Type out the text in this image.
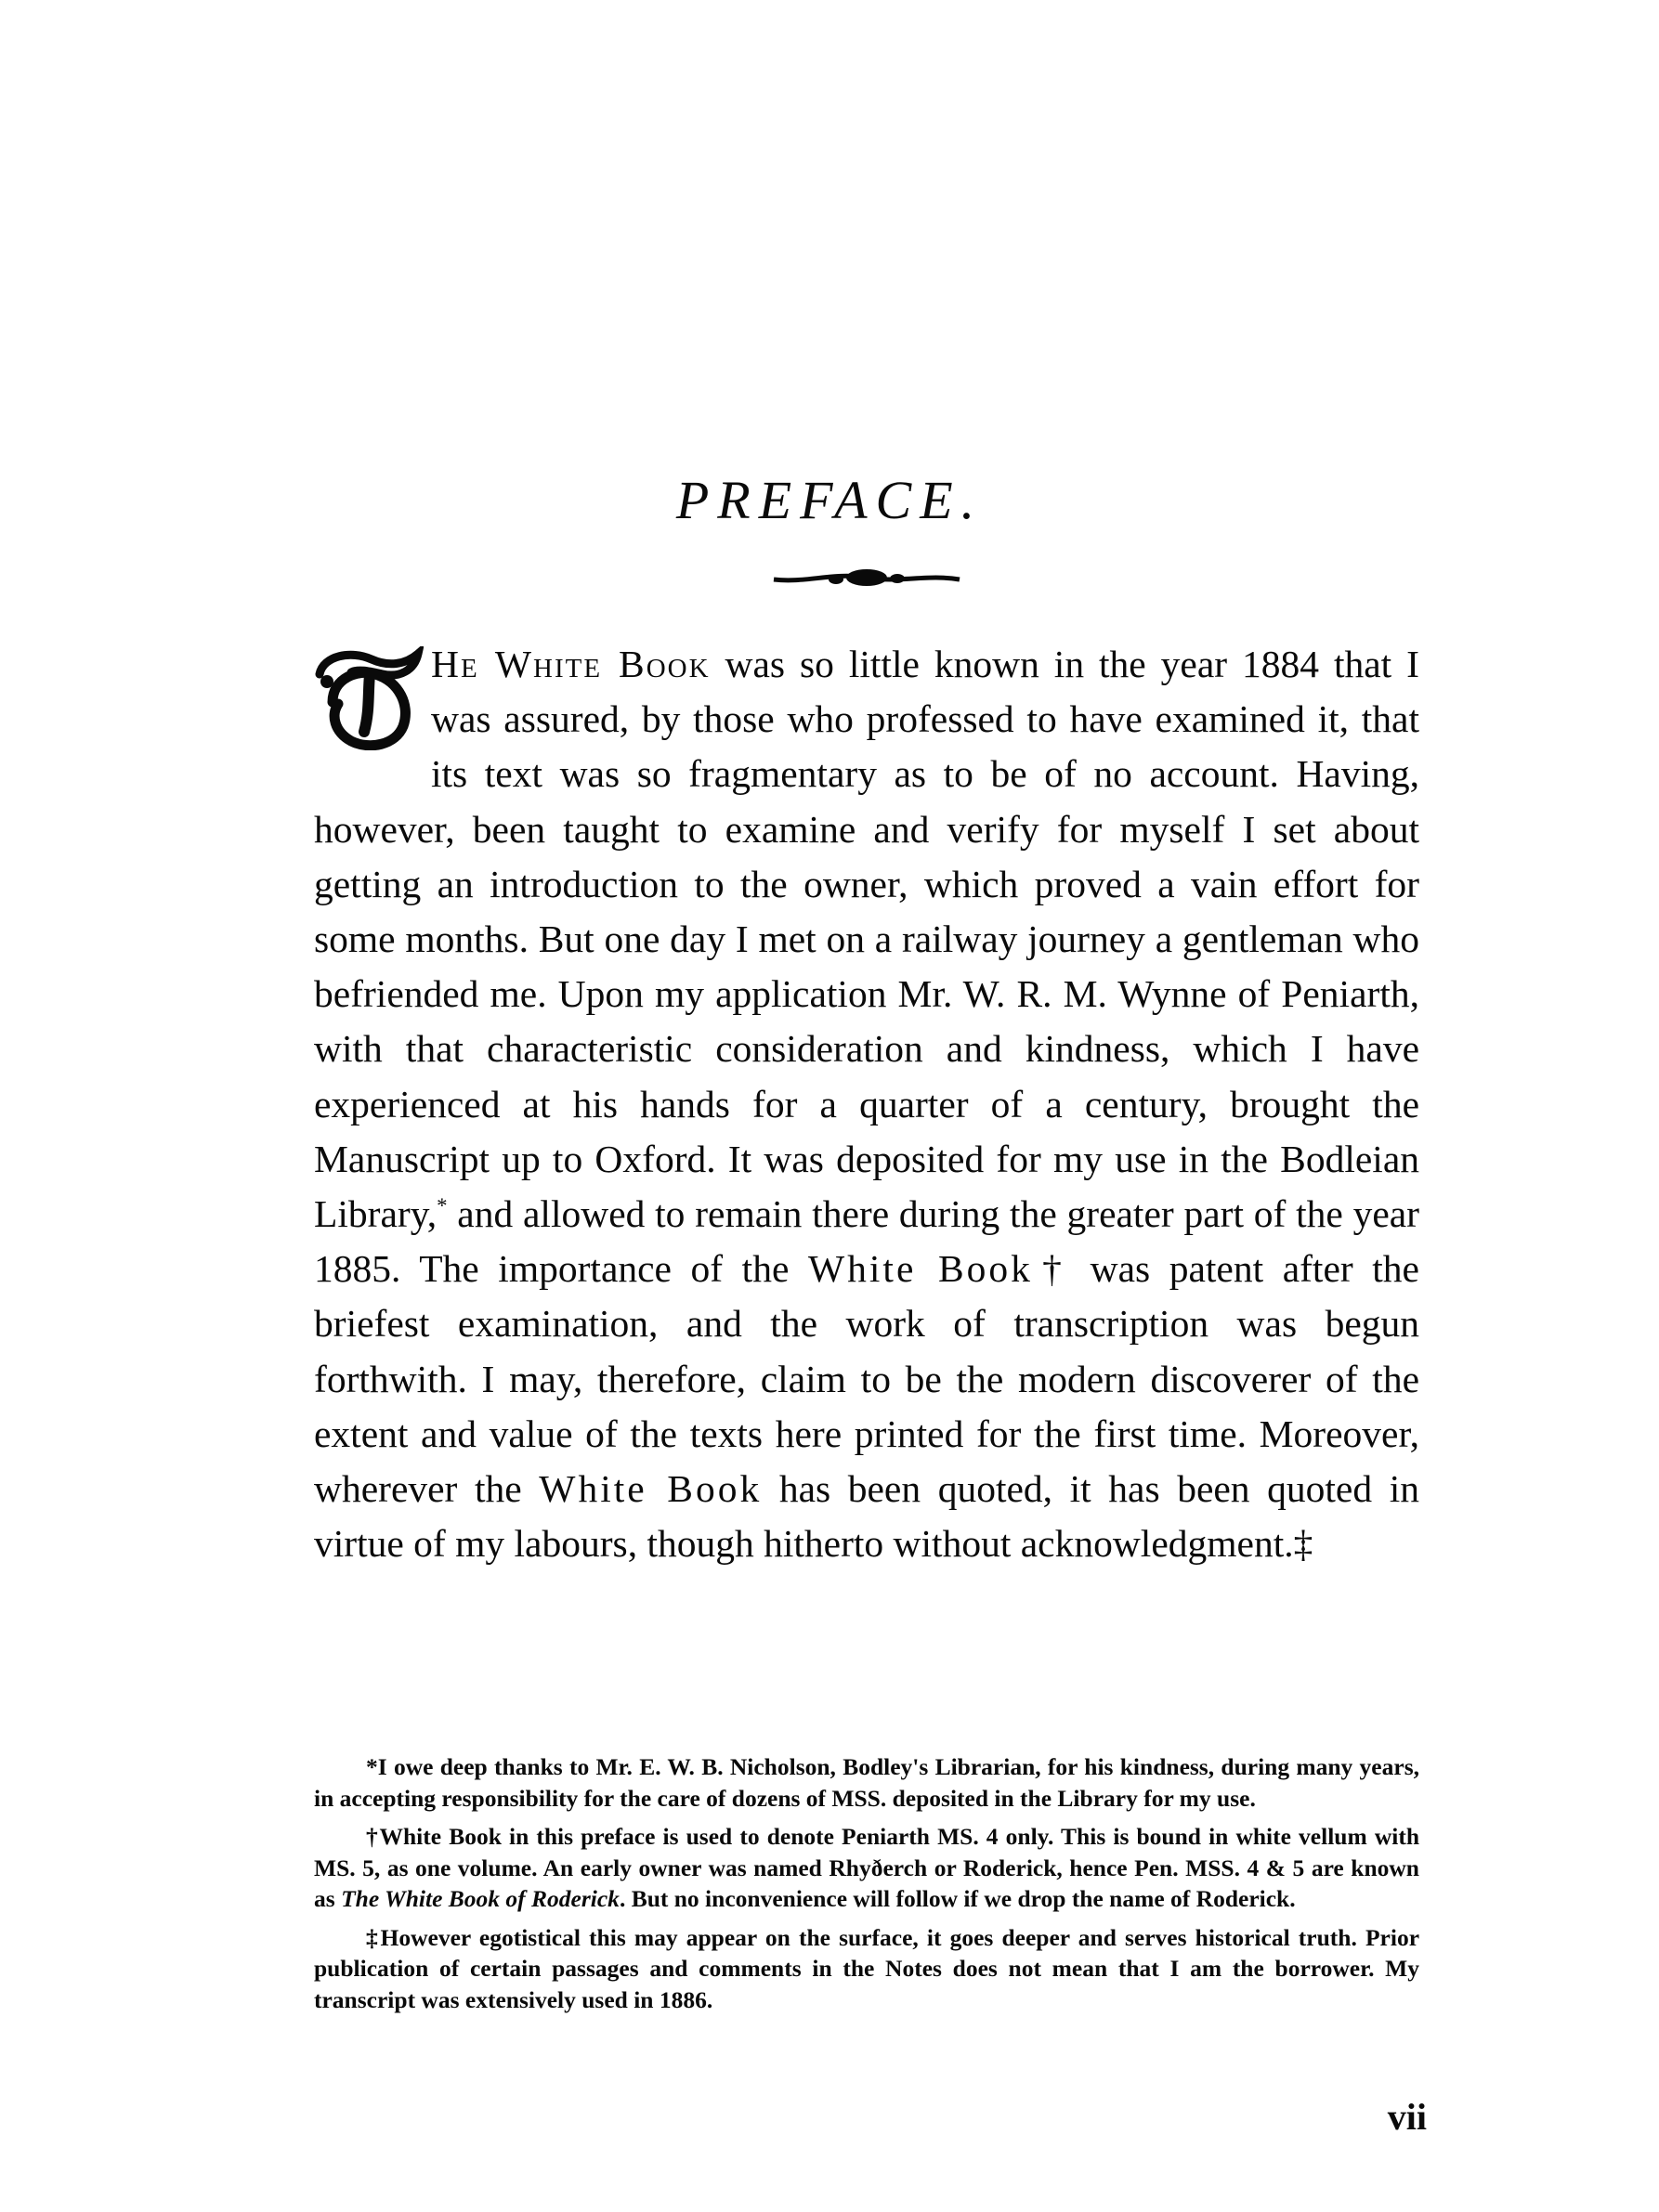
PREFACE.
He White Book was so little known in the year 1884 that I was assured, by those who professed to have examined it, that its text was so fragmentary as to be of no account. Having, however, been taught to examine and verify for myself I set about getting an introduction to the owner, which proved a vain effort for some months. But one day I met on a railway journey a gentleman who befriended me. Upon my application Mr. W. R. M. Wynne of Peniarth, with that characteristic consideration and kindness, which I have experienced at his hands for a quarter of a century, brought the Manuscript up to Oxford. It was deposited for my use in the Bodleian Library,* and allowed to remain there during the greater part of the year 1885. The importance of the White Book† was patent after the briefest examination, and the work of transcription was begun forthwith. I may, therefore, claim to be the modern discoverer of the extent and value of the texts here printed for the first time. Moreover, wherever the White Book has been quoted, it has been quoted in virtue of my labours, though hitherto without acknowledgment.‡

*I owe deep thanks to Mr. E. W. B. Nicholson, Bodley's Librarian, for his kindness, during many years, in accepting responsibility for the care of dozens of MSS. deposited in the Library for my use.

†White Book in this preface is used to denote Peniarth MS. 4 only. This is bound in white vellum with MS. 5, as one volume. An early owner was named Rhyðerch or Roderick, hence Pen. MSS. 4 & 5 are known as The White Book of Roderick. But no inconvenience will follow if we drop the name of Roderick.

‡However egotistical this may appear on the surface, it goes deeper and serves historical truth. Prior publication of certain passages and comments in the Notes does not mean that I am the borrower. My transcript was extensively used in 1886.

vii
